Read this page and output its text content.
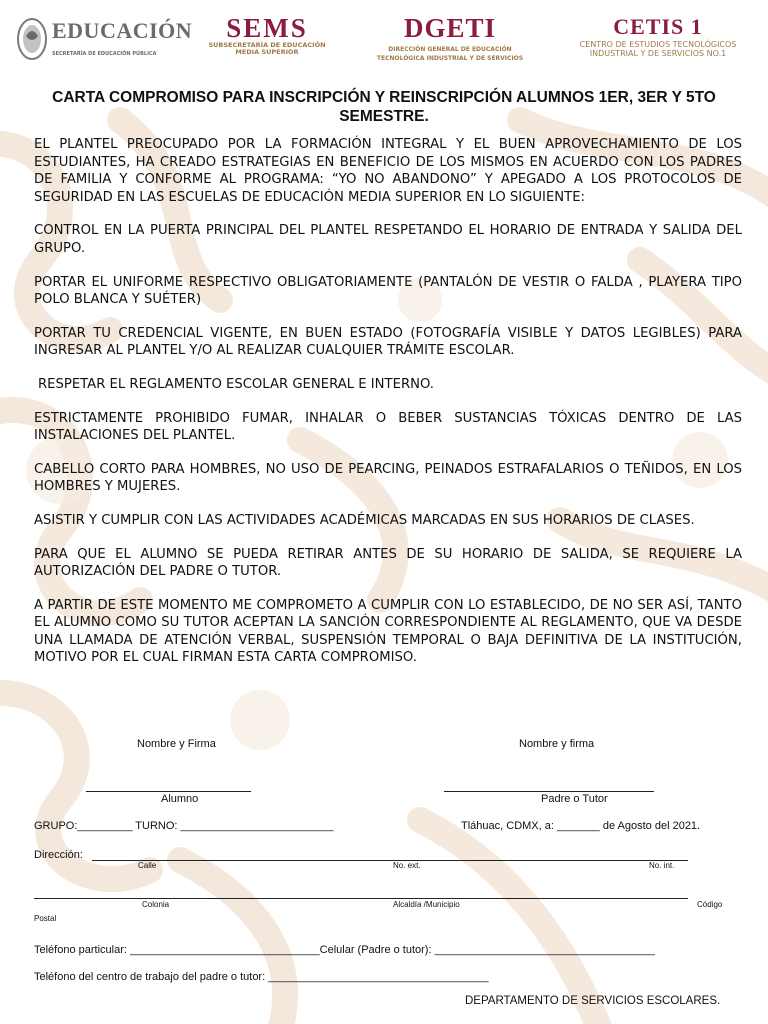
EDUCACIÓN
SECRETARÍA DE EDUCACIÓN PÚBLICA
SEMS
SUBSECRETARÍA DE EDUCACIÓN
MEDIA SUPERIOR
DGETI
DIRECCIÓN GENERAL DE EDUCACIÓN
TECNOLÓGICA INDUSTRIAL Y DE SERVICIOS
CETIS 1
CENTRO DE ESTUDIOS TECNOLÓGICOS
INDUSTRIAL Y DE SERVICIOS NO.1
CARTA COMPROMISO PARA INSCRIPCIÓN Y REINSCRIPCIÓN ALUMNOS 1ER, 3ER Y 5TO SEMESTRE.

EL PLANTEL PREOCUPADO POR LA FORMACIÓN INTEGRAL Y EL BUEN APROVECHAMIENTO DE LOS ESTUDIANTES, HA CREADO ESTRATEGIAS EN BENEFICIO DE LOS MISMOS EN ACUERDO CON LOS PADRES DE FAMILIA Y CONFORME AL PROGRAMA: “YO NO ABANDONO” Y APEGADO A LOS PROTOCOLOS DE SEGURIDAD EN LAS ESCUELAS DE EDUCACIÓN MEDIA SUPERIOR EN LO SIGUIENTE:

CONTROL EN LA PUERTA PRINCIPAL DEL PLANTEL RESPETANDO EL HORARIO DE ENTRADA Y SALIDA DEL GRUPO.

PORTAR EL UNIFORME RESPECTIVO OBLIGATORIAMENTE (PANTALÓN DE VESTIR O FALDA , PLAYERA TIPO POLO BLANCA Y SUÉTER)

PORTAR TU CREDENCIAL VIGENTE, EN BUEN ESTADO (FOTOGRAFÍA VISIBLE Y DATOS LEGIBLES) PARA INGRESAR AL PLANTEL Y/O AL REALIZAR CUALQUIER TRÁMITE ESCOLAR.

RESPETAR EL REGLAMENTO ESCOLAR GENERAL E INTERNO.

ESTRICTAMENTE PROHIBIDO FUMAR, INHALAR O BEBER SUSTANCIAS TÓXICAS DENTRO DE LAS INSTALACIONES DEL PLANTEL.

CABELLO CORTO PARA HOMBRES, NO USO DE PEARCING, PEINADOS ESTRAFALARIOS O TEÑIDOS, EN LOS HOMBRES Y MUJERES.

ASISTIR Y CUMPLIR CON LAS ACTIVIDADES ACADÉMICAS MARCADAS EN SUS HORARIOS DE CLASES.

PARA QUE EL ALUMNO SE PUEDA RETIRAR ANTES DE SU HORARIO DE SALIDA, SE REQUIERE LA AUTORIZACIÓN DEL PADRE O TUTOR.

A PARTIR DE ESTE MOMENTO ME COMPROMETO A CUMPLIR CON LO ESTABLECIDO, DE NO SER ASÍ, TANTO EL ALUMNO COMO SU TUTOR ACEPTAN LA SANCIÓN CORRESPONDIENTE AL REGLAMENTO, QUE VA DESDE UNA LLAMADA DE ATENCIÓN VERBAL, SUSPENSIÓN TEMPORAL O BAJA DEFINITIVA DE LA INSTITUCIÓN, MOTIVO POR EL CUAL FIRMAN ESTA CARTA COMPROMISO.

Nombre y Firma	Nombre y firma
Alumno	Padre o Tutor
GRUPO:_________ TURNO: _________________________	Tláhuac, CDMX, a: _______ de Agosto del 2021.
Dirección:
Calle	No. ext.	No. int.
Colonia	Alcaldía /Municipio	Código
Postal
Teléfono particular: _______________________________Celular (Padre o tutor): ____________________________________
Teléfono del centro de trabajo del padre o tutor: ____________________________________
DEPARTAMENTO DE SERVICIOS ESCOLARES.
